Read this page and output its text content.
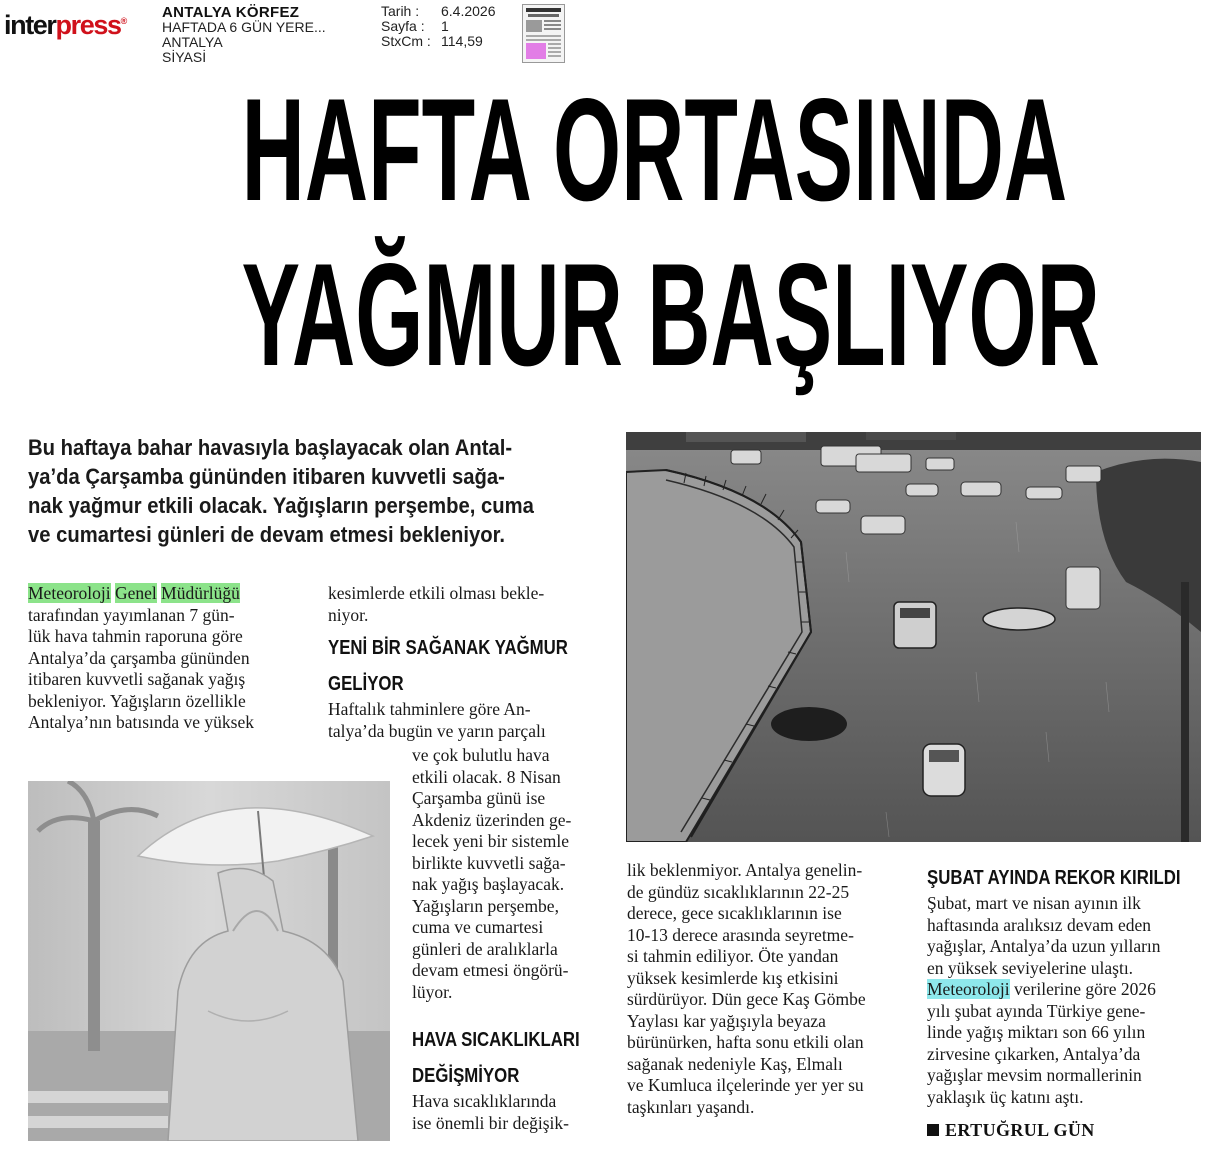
interpress® ANTALYA KÖRFEZ
HAFTADA 6 GÜN YERE...
ANTALYA
SİYASİ
Tarih :	6.4.2026
Sayfa :	1
StxCm :	114,59
HAFTA ORTASINDA
YAĞMUR BAŞLIYOR
Bu haftaya bahar havasıyla başlayacak olan Antal-
ya’da Çarşamba gününden itibaren kuvvetli sağa-
nak yağmur etkili olacak. Yağışların perşembe, cuma
ve cumartesi günleri de devam etmesi bekleniyor.
Meteoroloji Genel Müdürlüğü
tarafından yayımlanan 7 gün-
lük hava tahmin raporuna göre
Antalya’da çarşamba gününden
itibaren kuvvetli sağanak yağış
bekleniyor. Yağışların özellikle
Antalya’nın batısında ve yüksek
kesimlerde etkili olması bekle-
niyor.
YENİ BİR SAĞANAK YAĞMUR
GELİYOR
Haftalık tahminlere göre An-
talya’da bugün ve yarın parçalı
ve çok bulutlu hava
etkili olacak. 8 Nisan
Çarşamba günü ise
Akdeniz üzerinden ge-
lecek yeni bir sistemle
birlikte kuvvetli sağa-
nak yağış başlayacak.
Yağışların perşembe,
cuma ve cumartesi
günleri de aralıklarla
devam etmesi öngörü-
lüyor.
HAVA SICAKLIKLARI
DEĞİŞMİYOR
Hava sıcaklıklarında
ise önemli bir değişik-
lik beklenmiyor. Antalya genelin-
de gündüz sıcaklıklarının 22-25
derece, gece sıcaklıklarının ise
10-13 derece arasında seyretme-
si tahmin ediliyor. Öte yandan
yüksek kesimlerde kış etkisini
sürdürüyor. Dün gece Kaş Gömbe
Yaylası kar yağışıyla beyaza
bürünürken, hafta sonu etkili olan
sağanak nedeniyle Kaş, Elmalı
ve Kumluca ilçelerinde yer yer su
taşkınları yaşandı.
ŞUBAT AYINDA REKOR KIRILDI
Şubat, mart ve nisan ayının ilk
haftasında aralıksız devam eden
yağışlar, Antalya’da uzun yılların
en yüksek seviyelerine ulaştı.
Meteoroloji verilerine göre 2026
yılı şubat ayında Türkiye gene-
linde yağış miktarı son 66 yılın
zirvesine çıkarken, Antalya’da
yağışlar mevsim normallerinin
yaklaşık üç katını aştı.
ERTUĞRUL GÜN
